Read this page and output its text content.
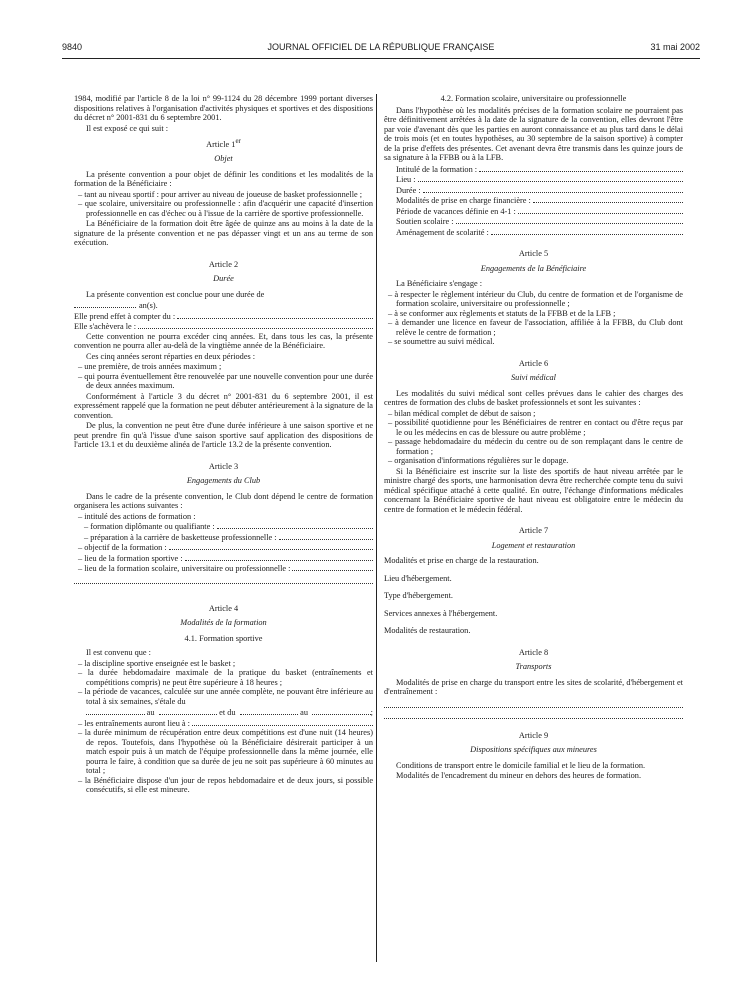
9840	JOURNAL OFFICIEL DE LA RÉPUBLIQUE FRANÇAISE	31 mai 2002

1984, modifié par l'article 8 de la loi n° 99-1124 du 28 décembre 1999 portant diverses dispositions relatives à l'organisation d'activités physiques et sportives et des dispositions du décret n° 2001-831 du 6 septembre 2001.

Il est exposé ce qui suit :

Article 1er
Objet

La présente convention a pour objet de définir les conditions et les modalités de la formation de la Bénéficiaire :

– tant au niveau sportif : pour arriver au niveau de joueuse de basket professionnelle ;
– que scolaire, universitaire ou professionnelle : afin d'acquérir une capacité d'insertion professionnelle en cas d'échec ou à l'issue de la carrière de sportive professionnelle.

La Bénéficiaire de la formation doit être âgée de quinze ans au moins à la date de la signature de la présente convention et ne pas dépasser vingt et un ans au terme de son exécution.

Article 2
Durée

La présente convention est conclue pour une durée de

an(s).
Elle prend effet à compter du :
Elle s'achèvera le :

Cette convention ne pourra excéder cinq années. Et, dans tous les cas, la présente convention ne pourra aller au-delà de la vingtième année de la Bénéficiaire.

Ces cinq années seront réparties en deux périodes :

– une première, de trois années maximum ;
– qui pourra éventuellement être renouvelée par une nouvelle convention pour une durée de deux années maximum.

Conformément à l'article 3 du décret n° 2001-831 du 6 septembre 2001, il est expressément rappelé que la formation ne peut débuter antérieurement à la signature de la convention.

De plus, la convention ne peut être d'une durée inférieure à une saison sportive et ne peut prendre fin qu'à l'issue d'une saison sportive sauf application des dispositions de l'article 13.1 et du deuxième alinéa de l'article 13.2 de la présente convention.

Article 3
Engagements du Club

Dans le cadre de la présente convention, le Club dont dépend le centre de formation organisera les actions suivantes :

– intitulé des actions de formation :
– formation diplômante ou qualifiante :
– préparation à la carrière de basketteuse professionnelle :
– objectif de la formation :
– lieu de la formation sportive :
– lieu de la formation scolaire, universitaire ou professionnelle :
Article 4
Modalités de la formation
4.1. Formation sportive

Il est convenu que :

– la discipline sportive enseignée est le basket ;
– la durée hebdomadaire maximale de la pratique du basket (entraînements et compétitions compris) ne peut être supérieure à 18 heures ;
– la période de vacances, calculée sur une année complète, ne pouvant être inférieure au total à six semaines, s'étale du
au	et du	au	;
– les entraînements auront lieu à :
– la durée minimum de récupération entre deux compétitions est d'une nuit (14 heures) de repos. Toutefois, dans l'hypothèse où la Bénéficiaire désirerait participer à un match espoir puis à un match de l'équipe professionnelle dans la même journée, elle pourra le faire, à condition que sa durée de jeu ne soit pas supérieure à 60 minutes au total ;
– la Bénéficiaire dispose d'un jour de repos hebdomadaire et de deux jours, si possible consécutifs, si elle est mineure.
4.2. Formation scolaire, universitaire ou professionnelle

Dans l'hypothèse où les modalités précises de la formation scolaire ne pourraient pas être définitivement arrêtées à la date de la signature de la convention, elles devront l'être par voie d'avenant dès que les parties en auront connaissance et au plus tard dans le délai de trois mois (et en toutes hypothèses, au 30 septembre de la saison sportive) à compter de la prise d'effets des présentes. Cet avenant devra être transmis dans les quinze jours de sa signature à la FFBB ou à la LFB.

Intitulé de la formation :
Lieu :
Durée :
Modalités de prise en charge financière :
Période de vacances définie en 4-1 :
Soutien scolaire :
Aménagement de scolarité :
Article 5
Engagements de la Bénéficiaire

La Bénéficiaire s'engage :

– à respecter le règlement intérieur du Club, du centre de formation et de l'organisme de formation scolaire, universitaire ou professionnelle ;
– à se conformer aux règlements et statuts de la FFBB et de la LFB ;
– à demander une licence en faveur de l'association, affiliée à la FFBB, du Club dont relève le centre de formation ;
– se soumettre au suivi médical.
Article 6
Suivi médical

Les modalités du suivi médical sont celles prévues dans le cahier des charges des centres de formation des clubs de basket professionnels et sont les suivantes :

– bilan médical complet de début de saison ;
– possibilité quotidienne pour les Bénéficiaires de rentrer en contact ou d'être reçus par le ou les médecins en cas de blessure ou autre problème ;
– passage hebdomadaire du médecin du centre ou de son remplaçant dans le centre de formation ;
– organisation d'informations régulières sur le dopage.

Si la Bénéficiaire est inscrite sur la liste des sportifs de haut niveau arrêtée par le ministre chargé des sports, une harmonisation devra être recherchée compte tenu du suivi médical spécifique attaché à cette qualité. En outre, l'échange d'informations médicales concernant la Bénéficiaire sportive de haut niveau est obligatoire entre le médecin du centre de formation et le médecin fédéral.

Article 7
Logement et restauration

Modalités et prise en charge de la restauration.

Lieu d'hébergement.

Type d'hébergement.

Services annexes à l'hébergement.

Modalités de restauration.

Article 8
Transports

Modalités de prise en charge du transport entre les sites de scolarité, d'hébergement et d'entraînement :

Article 9
Dispositions spécifiques aux mineures

Conditions de transport entre le domicile familial et le lieu de la formation.

Modalités de l'encadrement du mineur en dehors des heures de formation.
